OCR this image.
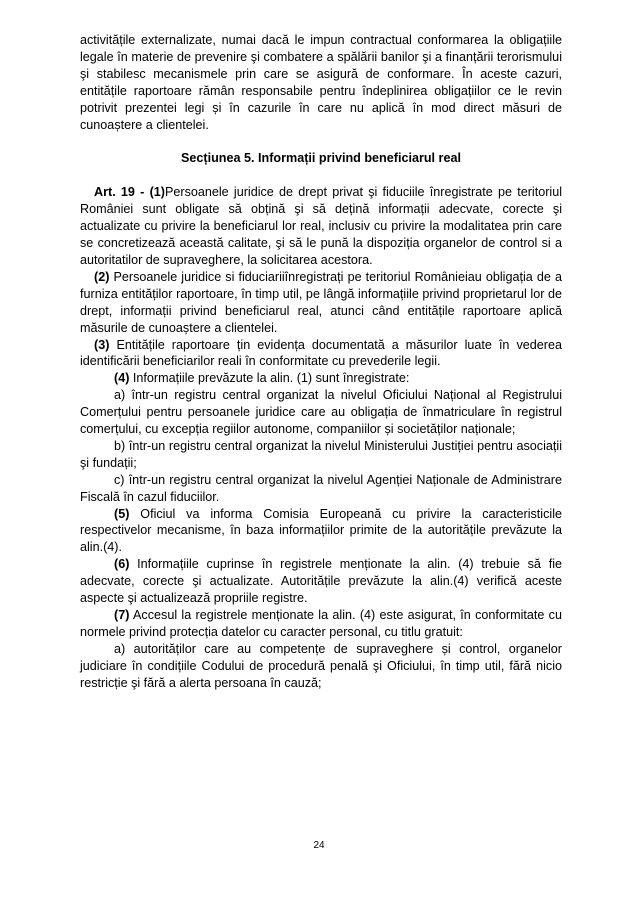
activitățile externalizate, numai dacă le impun contractual conformarea la obligațiile legale în materie de prevenire şi combatere a spălării banilor şi a finanțării terorismului şi stabilesc mecanismele prin care se asigură de conformare. În aceste cazuri, entitățile raportoare rămân responsabile pentru îndeplinirea obligațiilor ce le revin potrivit prezentei legi și în cazurile în care nu aplică în mod direct măsuri de cunoaștere a clientelei.

Secțiunea 5. Informații privind beneficiarul real

Art. 19 - (1)Persoanele juridice de drept privat şi fiduciile înregistrate pe teritoriul României sunt obligate să obțină şi să dețină informații adecvate, corecte şi actualizate cu privire la beneficiarul lor real, inclusiv cu privire la modalitatea prin care se concretizează această calitate, şi să le pună la dispoziția organelor de control si a autoritatilor de supraveghere, la solicitarea acestora.

(2) Persoanele juridice si fiduciariiînregistrați pe teritoriul Românieiau obligația de a furniza entităților raportoare, în timp util, pe lângă informațiile privind proprietarul lor de drept, informații privind beneficiarul real, atunci când entitățile raportoare aplică măsurile de cunoaștere a clientelei.

(3) Entitățile raportoare țin evidența documentată a măsurilor luate în vederea identificării beneficiarilor reali în conformitate cu prevederile legii.

(4) Informațiile prevăzute la alin. (1) sunt înregistrate:

a) într-un registru central organizat la nivelul Oficiului Național al Registrului Comerțului pentru persoanele juridice care au obligația de înmatriculare în registrul comerțului, cu excepția regiilor autonome, companiilor și societăților naționale;

b) într-un registru central organizat la nivelul Ministerului Justiției pentru asociații şi fundații;

c) într-un registru central organizat la nivelul Agenției Naționale de Administrare Fiscală în cazul fiduciilor.

(5) Oficiul va informa Comisia Europeană cu privire la caracteristicile respectivelor mecanisme, în baza informațiilor primite de la autoritățile prevăzute la alin.(4).

(6) Informațiile cuprinse în registrele menționate la alin. (4) trebuie să fie adecvate, corecte şi actualizate. Autoritățile prevăzute la alin.(4) verifică aceste aspecte şi actualizează propriile registre.

(7) Accesul la registrele menționate la alin. (4) este asigurat, în conformitate cu normele privind protecția datelor cu caracter personal, cu titlu gratuit:

a) autorităților care au competențe de supraveghere și control, organelor judiciare în condițiile Codului de procedură penală şi Oficiului, în timp util, fără nicio restricție şi fără a alerta persoana în cauză;

24
